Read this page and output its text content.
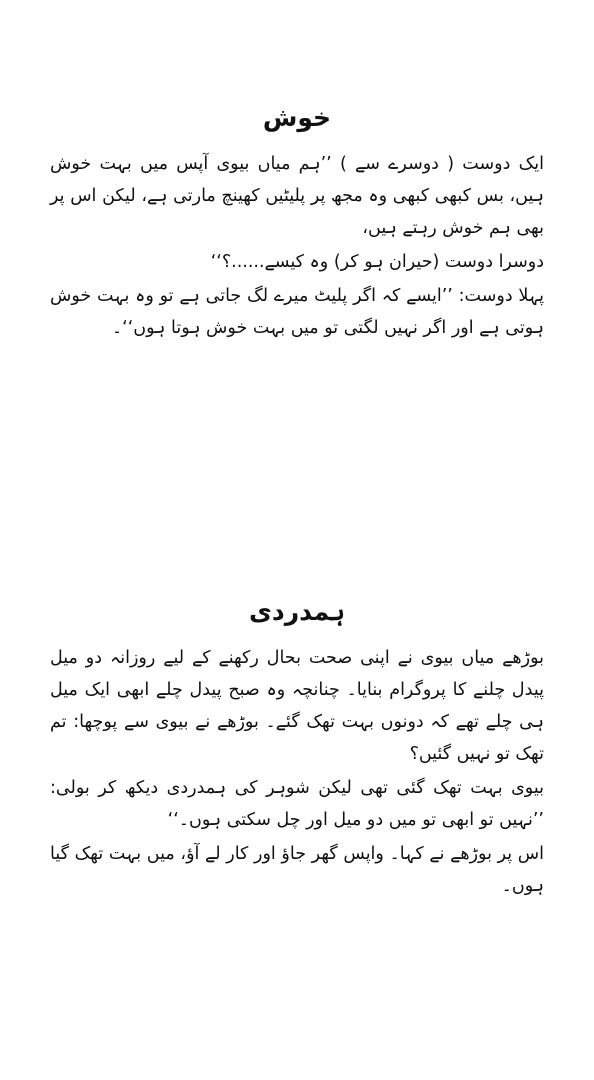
خوش

ایک دوست ( دوسرے سے ) ’’ہم میاں بیوی آپس میں بہت خوش ہیں، بس کبھی کبھی وہ مجھ پر پلیٹیں کھینچ مارتی ہے، لیکن اس پر بھی ہم خوش رہتے ہیں،

دوسرا دوست (حیران ہو کر) وہ کیسے......؟‘‘

پہلا دوست: ’’ایسے کہ اگر پلیٹ میرے لگ جاتی ہے تو وہ بہت خوش ہوتی ہے اور اگر نہیں لگتی تو میں بہت خوش ہوتا ہوں‘‘۔

ہمدردی

بوڑھے میاں بیوی نے اپنی صحت بحال رکھنے کے لیے روزانہ دو میل پیدل چلنے کا پروگرام بنایا۔ چنانچہ وہ صبح پیدل چلے ابھی ایک میل ہی چلے تھے کہ دونوں بہت تھک گئے۔ بوڑھے نے بیوی سے پوچھا: تم تھک تو نہیں گئیں؟

بیوی بہت تھک گئی تھی لیکن شوہر کی ہمدردی دیکھ کر بولی: ’’نہیں تو ابھی تو میں دو میل اور چل سکتی ہوں۔‘‘

اس پر بوڑھے نے کہا۔ واپس گھر جاؤ اور کار لے آؤ، میں بہت تھک گیا ہوں۔
